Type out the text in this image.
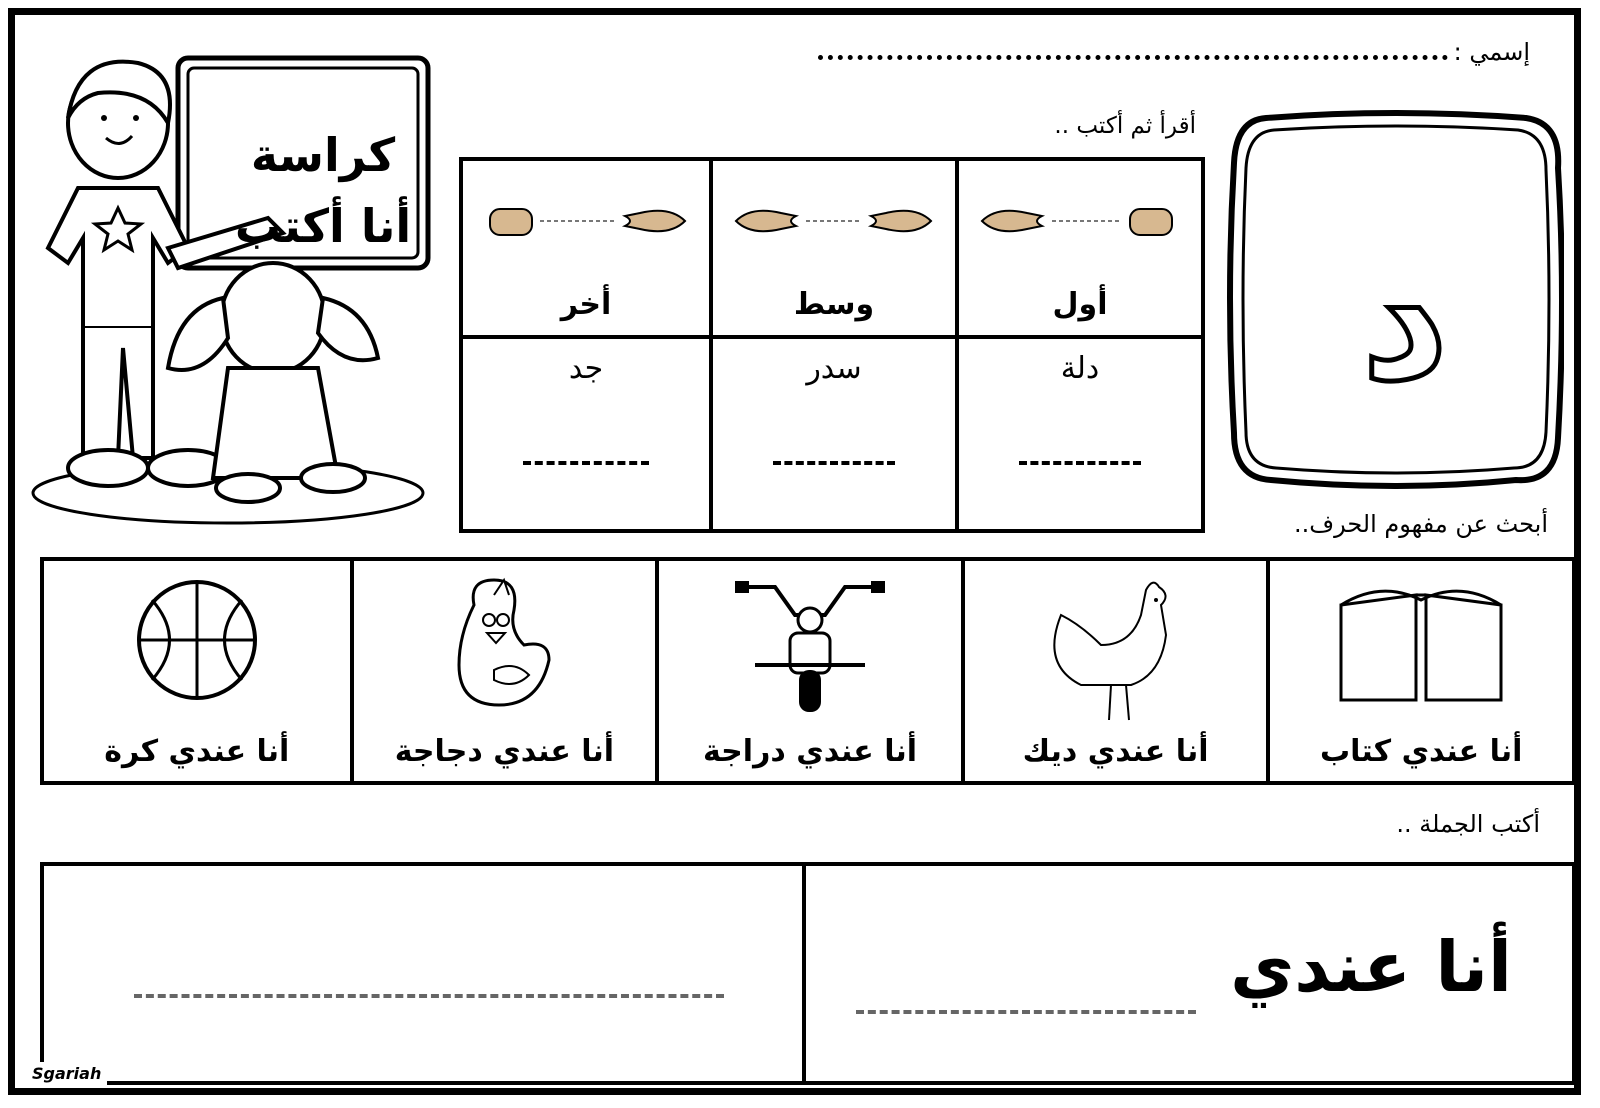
إسمي :
كراسة
أنا أكتب	د
أقرأ ثم أكتب ..
أول
وسط
أخر
دلة
سدر
جد
أبحث عن مفهوم الحرف..
أنا عندي كتاب
أنا عندي ديك
أنا عندي دراجة
أنا عندي دجاجة
أنا عندي كرة
أكتب الجملة ..
أنا عندي
Sgariah
